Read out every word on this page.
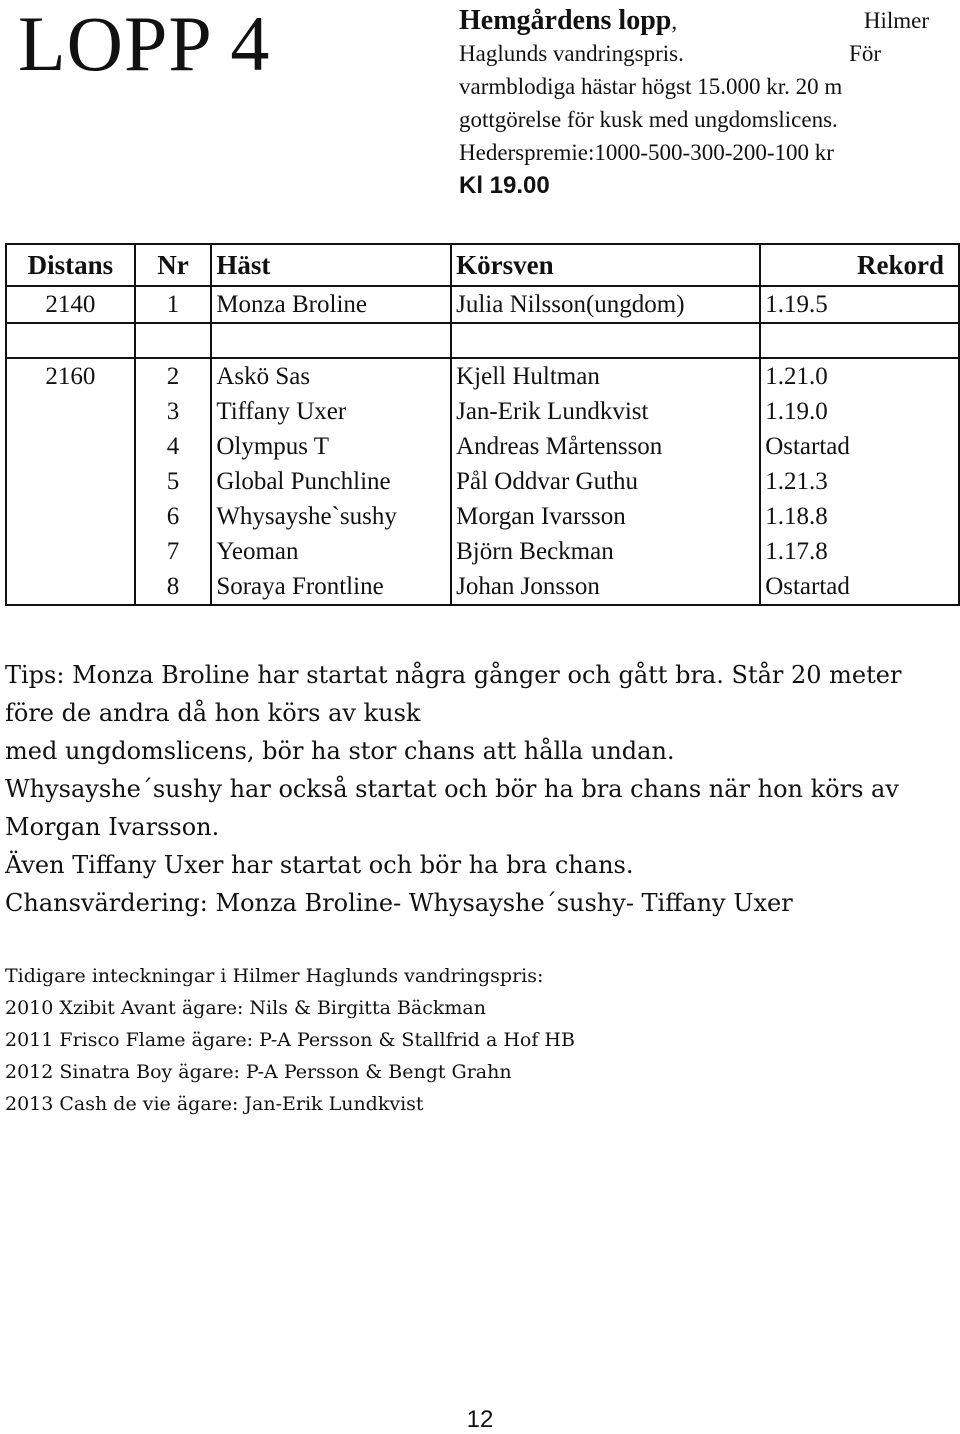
LOPP 4	Hemgårdens lopp,	Hilmer
Haglunds vandringspris.	För
varmblodiga hästar högst 15.000 kr. 20 m
gottgörelse för kusk med ungdomslicens.
Hederspremie:1000-500-300-200-100 kr
Kl 19.00
Distans	Nr	Häst	Körsven	Rekord
2140	1	Monza Broline	Julia Nilsson(ungdom)	1.19.5

2160	2	Askö Sas	Kjell Hultman	1.21.0
	3	Tiffany Uxer	Jan-Erik Lundkvist	1.19.0
	4	Olympus T	Andreas Mårtensson	Ostartad
	5	Global Punchline	Pål Oddvar Guthu	1.21.3
	6	Whysayshe`sushy	Morgan Ivarsson	1.18.8
	7	Yeoman	Björn Beckman	1.17.8
	8	Soraya Frontline	Johan Jonsson	Ostartad
Tips: Monza Broline har startat några gånger och gått bra. Står 20 meter
före de andra då hon körs av kusk
med ungdomslicens, bör ha stor chans att hålla undan.
Whysayshe´sushy har också startat och bör ha bra chans när hon körs av
Morgan Ivarsson.
Även Tiffany Uxer har startat och bör ha bra chans.
Chansvärdering: Monza Broline- Whysayshe´sushy- Tiffany Uxer
Tidigare inteckningar i Hilmer Haglunds vandringspris:
2010 Xzibit Avant ägare: Nils & Birgitta Bäckman
2011 Frisco Flame ägare: P-A Persson & Stallfrid a Hof HB
2012 Sinatra Boy ägare: P-A Persson & Bengt Grahn
2013 Cash de vie ägare: Jan-Erik Lundkvist
12
